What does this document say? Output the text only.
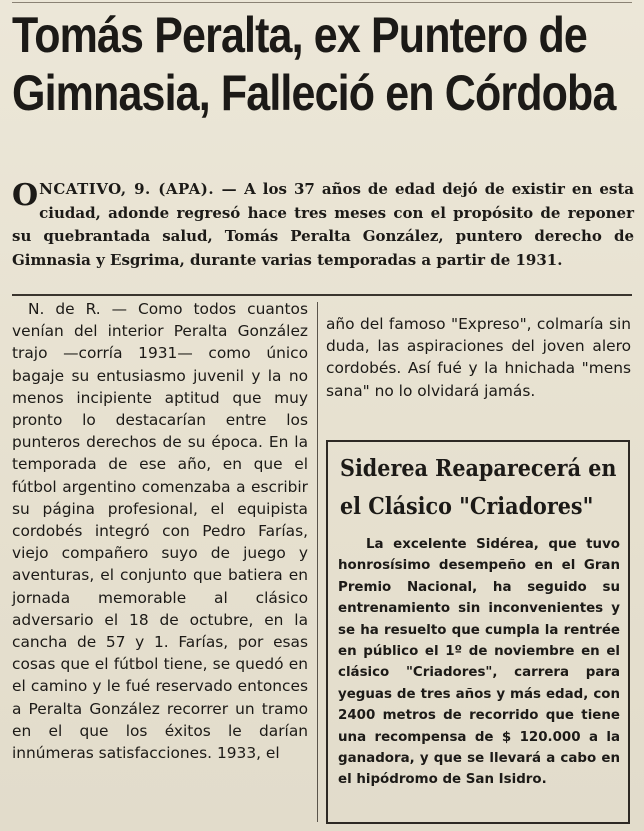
Tomás Peralta, ex Puntero de
Gimnasia, Falleció en Córdoba
ONCATIVO, 9. (APA). — A los 37 años de edad dejó de existir en esta ciudad, adonde regresó hace tres meses con el propósito de reponer su quebrantada salud, Tomás Peralta González, puntero derecho de Gimnasia y Esgrima, durante varias temporadas a partir de 1931.

N. de R. — Como todos cuantos venían del interior Peralta González trajo —corría 1931— como único bagaje su entusiasmo juvenil y la no menos incipiente aptitud que muy pronto lo destacarían entre los punteros derechos de su época. En la temporada de ese año, en que el fútbol argentino comenzaba a escribir su página profesional, el equipista cordobés integró con Pedro Farías, viejo compañero suyo de juego y aventuras, el conjunto que batiera en jornada memorable al clásico adversario el 18 de octubre, en la cancha de 57 y 1. Farías, por esas cosas que el fútbol tiene, se quedó en el camino y le fué reservado entonces a Peralta González recorrer un tramo en el que los éxitos le darían innúmeras satisfacciones. 1933, el

año del famoso "Expreso", colmaría sin duda, las aspiraciones del joven alero cordobés. Así fué y la hnichada "mens sana" no lo olvidará jamás.

Siderea Reaparecerá en
el Clásico "Criadores"

La excelente Sidérea, que tuvo honrosísimo desempeño en el Gran Premio Nacional, ha seguido su entrenamiento sin inconvenientes y se ha resuelto que cumpla la rentrée en público el 1º de noviembre en el clásico "Criadores", carrera para yeguas de tres años y más edad, con 2400 metros de recorrido que tiene una recompensa de $ 120.000 a la ganadora, y que se llevará a cabo en el hipódromo de San Isidro.
